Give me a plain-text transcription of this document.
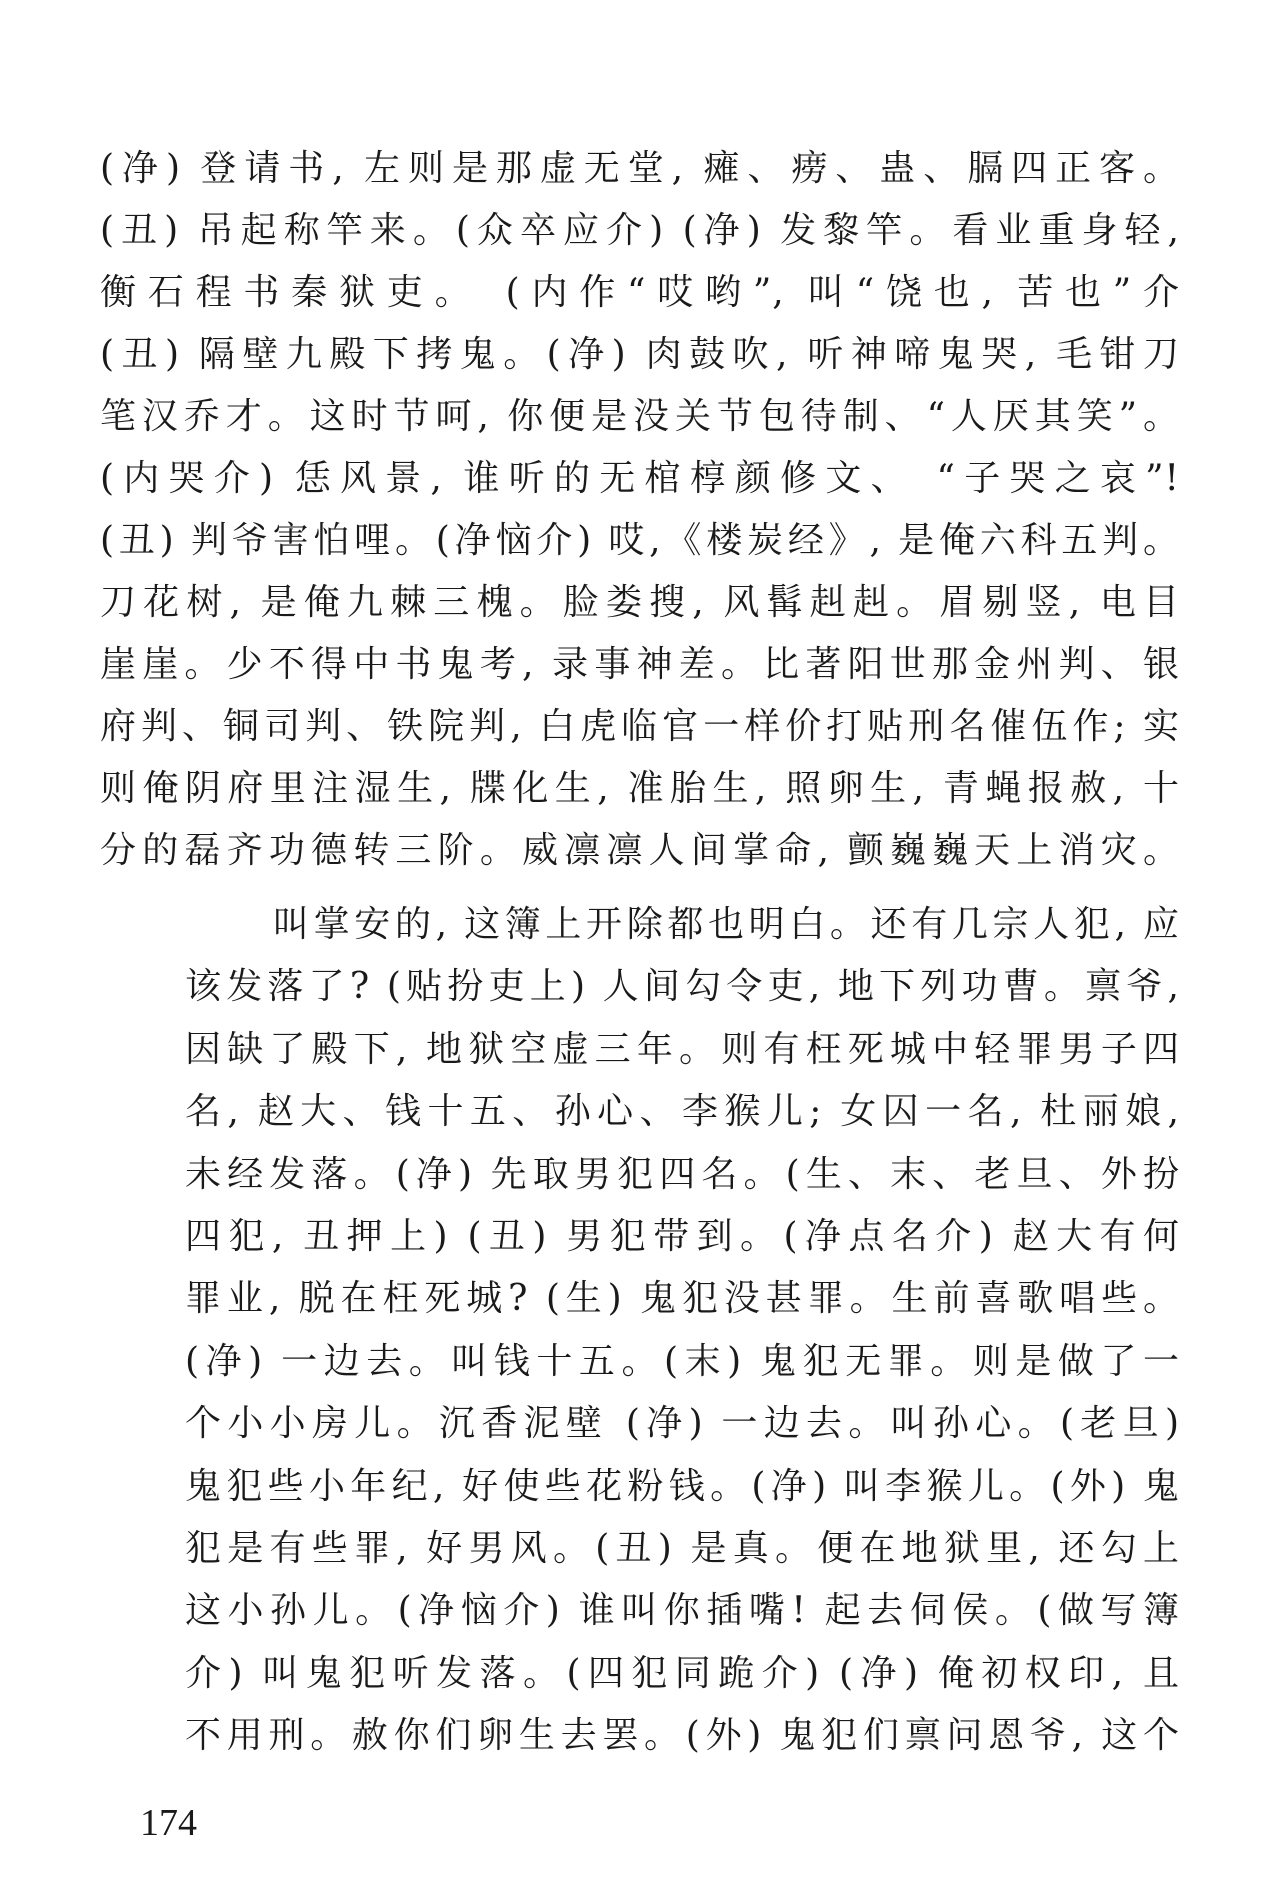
(净) 登请书, 左则是那虚无堂, 瘫、痨、蛊、膈四正客。
(丑) 吊起称竿来。(众卒应介) (净) 发黎竿。看业重身轻,
衡石程书秦狱吏。 (内作“哎哟”, 叫“饶也, 苦也”介
(丑) 隔壁九殿下拷鬼。(净) 肉鼓吹, 听神啼鬼哭, 毛钳刀
笔汉乔才。这时节呵, 你便是没关节包待制、“人厌其笑”。
(内哭介) 恁风景, 谁听的无棺椁颜修文、 “子哭之哀”!
(丑) 判爷害怕哩。(净恼介) 哎,《楼炭经》, 是俺六科五判。
刀花树, 是俺九棘三槐。脸娄搜, 风髯赳赳。眉剔竖, 电目
崖崖。少不得中书鬼考, 录事神差。比著阳世那金州判、银
府判、铜司判、铁院判, 白虎临官一样价打贴刑名催伍作; 实
则俺阴府里注湿生, 牒化生, 准胎生, 照卵生, 青蝇报赦, 十
分的磊齐功德转三阶。威凛凛人间掌命, 颤巍巍天上消灾。
叫掌安的, 这簿上开除都也明白。还有几宗人犯, 应
该发落了? (贴扮吏上) 人间勾令吏, 地下列功曹。禀爷,
因缺了殿下, 地狱空虚三年。则有枉死城中轻罪男子四
名, 赵大、钱十五、孙心、李猴儿; 女囚一名, 杜丽娘,
未经发落。(净) 先取男犯四名。(生、末、老旦、外扮
四犯, 丑押上) (丑) 男犯带到。(净点名介) 赵大有何
罪业, 脱在枉死城? (生) 鬼犯没甚罪。生前喜歌唱些。
(净) 一边去。叫钱十五。(末) 鬼犯无罪。则是做了一
个小小房儿。沉香泥壁 (净) 一边去。叫孙心。(老旦)
鬼犯些小年纪, 好使些花粉钱。(净) 叫李猴儿。(外) 鬼
犯是有些罪, 好男风。(丑) 是真。便在地狱里, 还勾上
这小孙儿。(净恼介) 谁叫你插嘴! 起去伺侯。(做写簿
介) 叫鬼犯听发落。(四犯同跪介) (净) 俺初权印, 且
不用刑。赦你们卵生去罢。(外) 鬼犯们禀问恩爷, 这个
174
